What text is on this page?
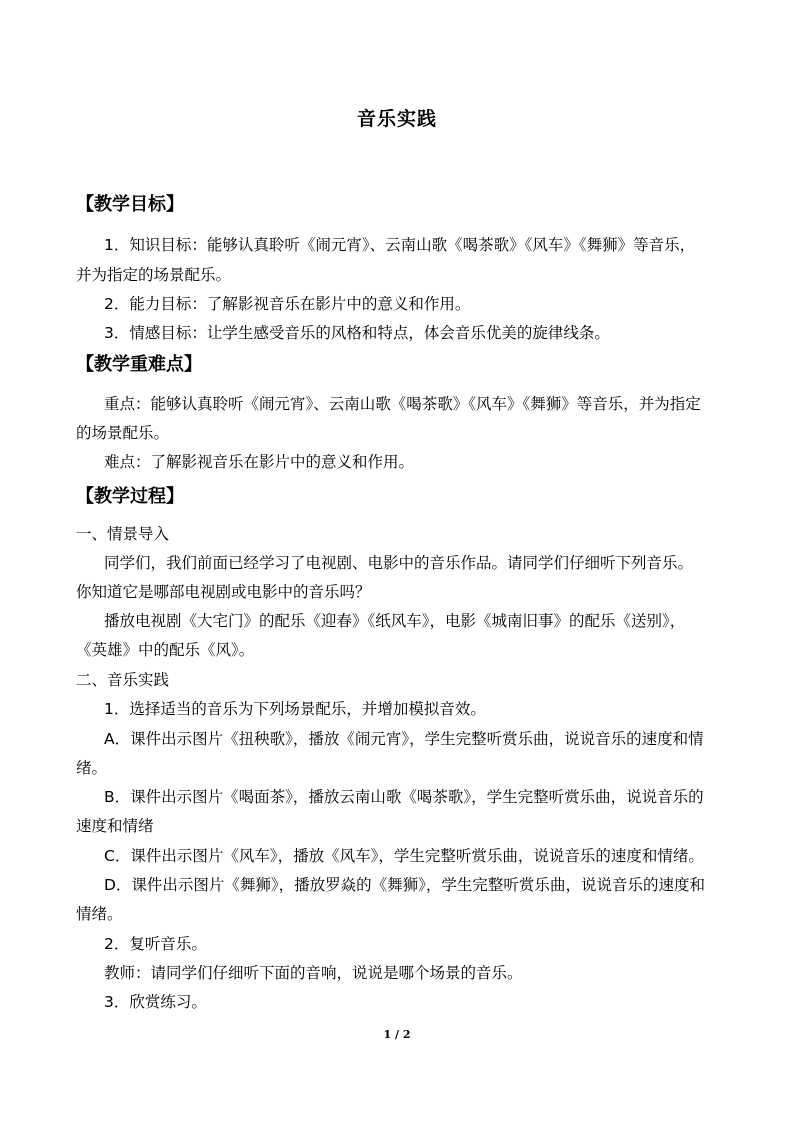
音乐实践
【教学目标】
1．知识目标：能够认真聆听《闹元宵》、云南山歌《喝茶歌》《风车》《舞狮》等音乐，
并为指定的场景配乐。
2．能力目标：了解影视音乐在影片中的意义和作用。
3．情感目标：让学生感受音乐的风格和特点，体会音乐优美的旋律线条。
【教学重难点】
重点：能够认真聆听《闹元宵》、云南山歌《喝茶歌》《风车》《舞狮》等音乐，并为指定
的场景配乐。
难点：了解影视音乐在影片中的意义和作用。
【教学过程】
一、情景导入
同学们，我们前面已经学习了电视剧、电影中的音乐作品。请同学们仔细听下列音乐。
你知道它是哪部电视剧或电影中的音乐吗？
播放电视剧《大宅门》的配乐《迎春》《纸风车》，电影《城南旧事》的配乐《送别》，
《英雄》中的配乐《风》。
二、音乐实践
1．选择适当的音乐为下列场景配乐，并增加模拟音效。
A．课件出示图片《扭秧歌》，播放《闹元宵》，学生完整听赏乐曲，说说音乐的速度和情
绪。
B．课件出示图片《喝面茶》，播放云南山歌《喝茶歌》，学生完整听赏乐曲，说说音乐的
速度和情绪
C．课件出示图片《风车》，播放《风车》，学生完整听赏乐曲，说说音乐的速度和情绪。
D．课件出示图片《舞狮》，播放罗焱的《舞狮》，学生完整听赏乐曲，说说音乐的速度和
情绪。
2．复听音乐。
教师：请同学们仔细听下面的音响，说说是哪个场景的音乐。
3．欣赏练习。
1 / 2
